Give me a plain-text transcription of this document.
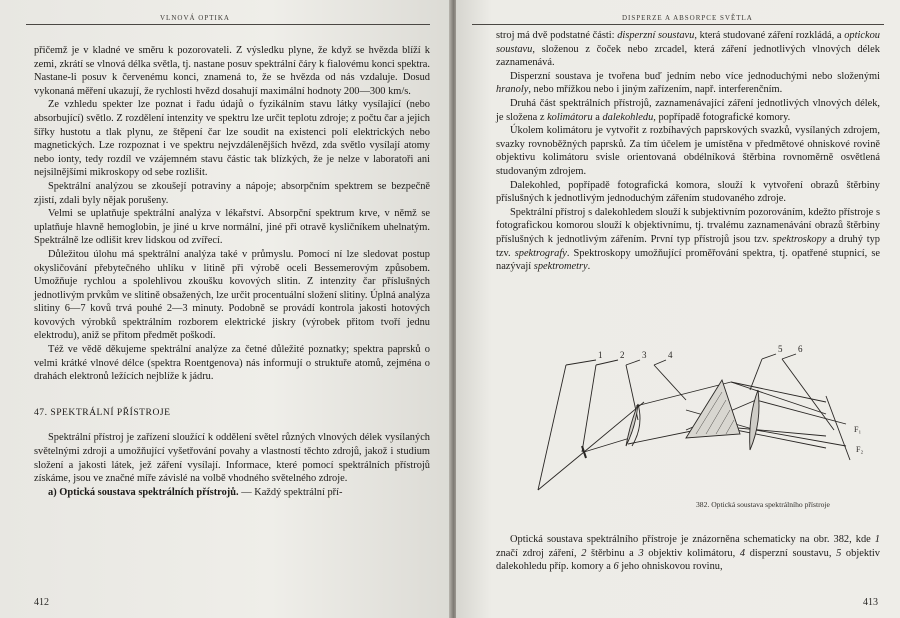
VLNOVÁ OPTIKA

přičemž je v kladné ve směru k pozorovateli. Z výsledku plyne, že když se hvězda blíží k zemi, zkrátí se vlnová délka světla, tj. nastane posuv spektrální čáry k fialovému konci spektra. Nastane-li posuv k červenému konci, znamená to, že se hvězda od nás vzdaluje. Dosud vykonaná měření ukazují, že rychlosti hvězd dosahují maximální hodnoty 200—300 km/s.

Ze vzhledu spekter lze poznat i řadu údajů o fyzikálním stavu látky vysílající (nebo absorbující) světlo. Z rozdělení intenzity ve spektru lze určit teplotu zdroje; z počtu čar a jejich šířky hustotu a tlak plynu, ze štěpení čar lze soudit na existenci polí elektrických nebo magnetických. Lze rozpoznat i ve spektru nejvzdálenějších hvězd, zda světlo vysílají atomy nebo ionty, tedy rozdíl ve vzájemném stavu částic tak blízkých, že je nelze v laboratoři ani nejsilnějšími mikroskopy od sebe rozlišit.

Spektrální analýzou se zkoušejí potraviny a nápoje; absorpčním spektrem se bezpečně zjistí, zdali byly nějak porušeny.

Velmi se uplatňuje spektrální analýza v lékařství. Absorpční spektrum krve, v němž se uplatňuje hlavně hemoglobin, je jiné u krve normální, jiné při otravě kysličníkem uhelnatým. Spektrálně lze odlišit krev lidskou od zvířecí.

Důležitou úlohu má spektrální analýza také v průmyslu. Pomocí ní lze sledovat postup okysličování přebytečného uhlíku v litině při výrobě oceli Bessemerovým způsobem. Umožňuje rychlou a spolehlivou zkoušku kovových slitin. Z intenzity čar příslušných jednotlivým prvkům ve slitině obsažených, lze určit procentuální složení slitiny. Úplná analýza slitiny 6—7 kovů trvá pouhé 2—3 minuty. Podobně se provádí kontrola jakosti hotových kovových výrobků spektrálním rozborem elektrické jiskry (výrobek přitom tvoří jednu elektrodu), aniž se přitom předmět poškodí.

Též ve vědě děkujeme spektrální analýze za četné důležité poznatky; spektra paprsků o velmi krátké vlnové délce (spektra Roentgenova) nás informují o struktuře atomů, zejména o drahách elektronů ležících nejblíže k jádru.

47. SPEKTRÁLNÍ PŘÍSTROJE

Spektrální přístroj je zařízení sloužící k oddělení světel různých vlnových délek vysílaných světelnými zdroji a umožňující vyšetřování povahy a vlastností těchto zdrojů, jakož i studium složení a jakosti látek, jež záření vysílají. Informace, které pomocí spektrálních přístrojů získáme, jsou ve značné míře závislé na volbě vhodného světelného zdroje.

a) Optická soustava spektrálních přístrojů. — Každý spektrální pří-

412
DISPERZE A ABSORPCE SVĚTLA

stroj má dvě podstatné části: disperzní soustavu, která studované záření rozkládá, a optickou soustavu, složenou z čoček nebo zrcadel, která záření jednotlivých vlnových délek zaznamenává.

Disperzní soustava je tvořena buď jedním nebo více jednoduchými nebo složenými hranoly, nebo mřížkou nebo i jiným zařízením, např. interferenčním.

Druhá část spektrálních přístrojů, zaznamenávající záření jednotlivých vlnových délek, je složena z kolimátoru a dalekohledu, popřípadě fotografické komory.

Úkolem kolimátoru je vytvořit z rozbíhavých paprskových svazků, vysílaných zdrojem, svazky rovnoběžných paprsků. Za tím účelem je umístěna v předmětové ohniskové rovině objektivu kolimátoru svisle orientovaná obdélníková štěrbina rovnoměrně osvětlená studovaným zdrojem.

Dalekohled, popřípadě fotografická komora, slouží k vytvoření obrazů štěrbiny příslušných k jednotlivým jednoduchým zářením studovaného zdroje.

Spektrální přístroj s dalekohledem slouží k subjektivním pozorováním, kdežto přístroje s fotografickou komorou slouží k objektivnímu, tj. trvalému zaznamenávání obrazů štěrbiny příslušných k jednotlivým zářením. První typ přístrojů jsou tzv. spektroskopy a druhý typ tzv. spektrografy. Spektroskopy umožňující proměřování spektra, tj. opatřené stupnicí, se nazývají spektrometry.

1 2 3 4
5 6
F₁
F₂
382. Optická soustava spektrálního přístroje

Optická soustava spektrálního přístroje je znázorněna schematicky na obr. 382, kde 1 značí zdroj záření, 2 štěrbinu a 3 objektiv kolimátoru, 4 disperzní soustavu, 5 objektiv dalekohledu příp. komory a 6 jeho ohniskovou rovinu,

413
